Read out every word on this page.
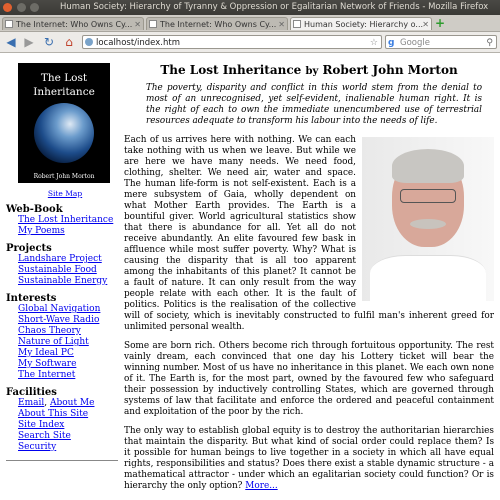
Human Society: Hierarchy of Tyranny & Oppression or Egalitarian Network of Friends - Mozilla Firefox
The Internet: Who Owns Cy... ✕	The Internet: Who Owns Cy... ✕	Human Society: Hierarchy o... ✕ +
◀ ▶ ↻ ⌂	localhost/index.htm	☆ g Google	⚲
The Lost Inheritance
Robert John Morton
Site Map
Web-Book
The Lost Inheritance
My Poems
Projects
Landshare Project
Sustainable Food
Sustainable Energy
Interests
Global Navigation
Short-Wave Radio
Chaos Theory
Nature of Light
My Ideal PC
My Software
The Internet
Facilities
Email, About Me
About This Site
Site Index
Search Site
Security
The Lost Inheritance by Robert John Morton

The poverty, disparity and conflict in this world stem from the denial to most of an unrecognised, yet self-evident, inalienable human right. It is the right of each to own the immediate unencumbered use of terrestrial resources adequate to transform his labour into the needs of life.

Each of us arrives here with nothing. We can each take nothing with us when we leave. But while we are here we have many needs. We need food, clothing, shelter. We need air, water and space. The human life-form is not self-existent. Each is a mere subsystem of Gaia, wholly dependent on what Mother Earth provides. The Earth is a bountiful giver. World agricultural statistics show that there is abundance for all. Yet all do not receive abundantly. An elite favoured few bask in affluence while most suffer poverty. Why? What is causing the disparity that is all too apparent among the inhabitants of this planet? It cannot be a fault of nature. It can only result from the way people relate with each other. It is the fault of politics. Politics is the realisation of the collective will of society, which is inevitably constructed to fulfil man's inherent greed for unlimited personal wealth.

Some are born rich. Others become rich through fortuitous opportunity. The rest vainly dream, each convinced that one day his Lottery ticket will bear the winning number. Most of us have no inheritance in this planet. We each own none of it. The Earth is, for the most part, owned by the favoured few who safeguard their possession by inductively controlling States, which are governed through systems of law that facilitate and enforce the ordered and peaceful containment and exploitation of the poor by the rich.

The only way to establish global equity is to destroy the authoritarian hierarchies that maintain the disparity. But what kind of social order could replace them? Is it possible for human beings to live together in a society in which all have equal rights, responsibilities and status? Does there exist a stable dynamic structure - a mathematical attractor - under which an egalitarian society could function? Or is hierarchy the only option? More...
